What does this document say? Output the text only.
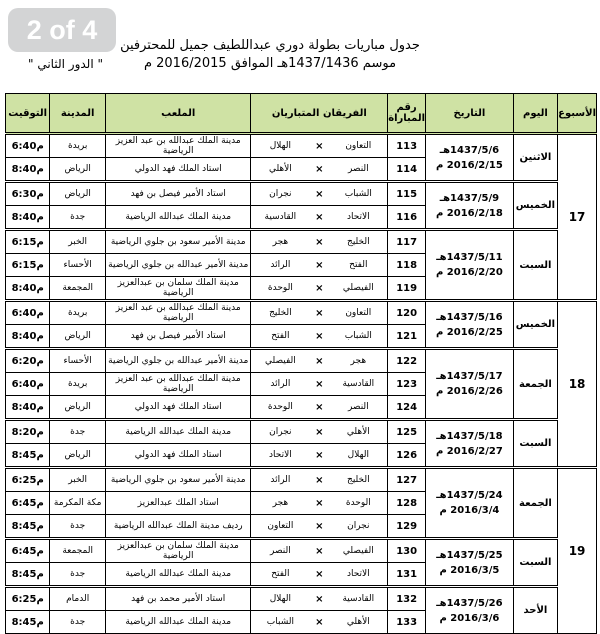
2 of 4
جدول مباريات بطولة دوري عبداللطيف جميل للمحترفين
موسم 1437/1436هـ الموافق 2016/2015 م
" الدور الثاني "
الأسبوع	اليوم	التاريخ	رقم المباراة	الفريقان المتباريان			الملعب	المدينة	التوقيت
17	الاثنين	1437/5/6هـ
2016/2/15 م	113	التعاون	×	الهلال	مدينة الملك عبدالله بن عبد العزيز الرياضية	بريدة	6:40م
			114	النصر	×	الأهلي	استاد الملك فهد الدولي	الرياض	8:40م
	الخميس	1437/5/9هـ
2016/2/18 م	115	الشباب	×	نجران	استاد الأمير فيصل بن فهد	الرياض	6:30م
			116	الاتحاد	×	القادسية	مدينة الملك عبدالله الرياضية	جدة	8:40م
	السبت	1437/5/11هـ
2016/2/20 م	117	الخليج	×	هجر	مدينة الأمير سعود بن جلوي الرياضية	الخبر	6:15م
			118	الفتح	×	الرائد	مدينة الأمير عبدالله بن جلوي الرياضية	الأحساء	6:15م
			119	الفيصلي	×	الوحدة	مدينة الملك سلمان بن عبدالعزيز الرياضية	المجمعة	8:40م
18	الخميس	1437/5/16هـ
2016/2/25 م	120	التعاون	×	الخليج	مدينة الملك عبدالله بن عبد العزيز الرياضية	بريدة	6:40م
			121	الشباب	×	الفتح	استاد الأمير فيصل بن فهد	الرياض	8:40م
	الجمعة	1437/5/17هـ
2016/2/26 م	122	هجر	×	الفيصلي	مدينة الأمير عبدالله بن جلوي الرياضية	الأحساء	6:20م
			123	القادسية	×	الرائد	مدينة الملك عبدالله بن عبد العزيز الرياضية	بريدة	6:40م
			124	النصر	×	الوحدة	استاد الملك فهد الدولي	الرياض	8:40م
	السبت	1437/5/18هـ
2016/2/27 م	125	الأهلي	×	نجران	مدينة الملك عبدالله الرياضية	جدة	8:20م
			126	الهلال	×	الاتحاد	استاد الملك فهد الدولي	الرياض	8:45م
19	الجمعة	1437/5/24هـ
2016/3/4 م	127	الخليج	×	الرائد	مدينة الأمير سعود بن جلوي الرياضية	الخبر	6:25م
			128	الوحدة	×	هجر	استاد الملك عبدالعزيز	مكة المكرمة	6:45م
			129	نجران	×	التعاون	رديف مدينة الملك عبدالله الرياضية	جدة	8:45م
	السبت	1437/5/25هـ
2016/3/5 م	130	الفيصلي	×	النصر	مدينة الملك سلمان بن عبدالعزيز الرياضية	المجمعة	6:45م
			131	الاتحاد	×	الفتح	مدينة الملك عبدالله الرياضية	جدة	8:45م
	الأحد	1437/5/26هـ
2016/3/6 م	132	القادسية	×	الهلال	استاد الأمير محمد بن فهد	الدمام	6:25م
			133	الأهلي	×	الشباب	مدينة الملك عبدالله الرياضية	جدة	8:45م
